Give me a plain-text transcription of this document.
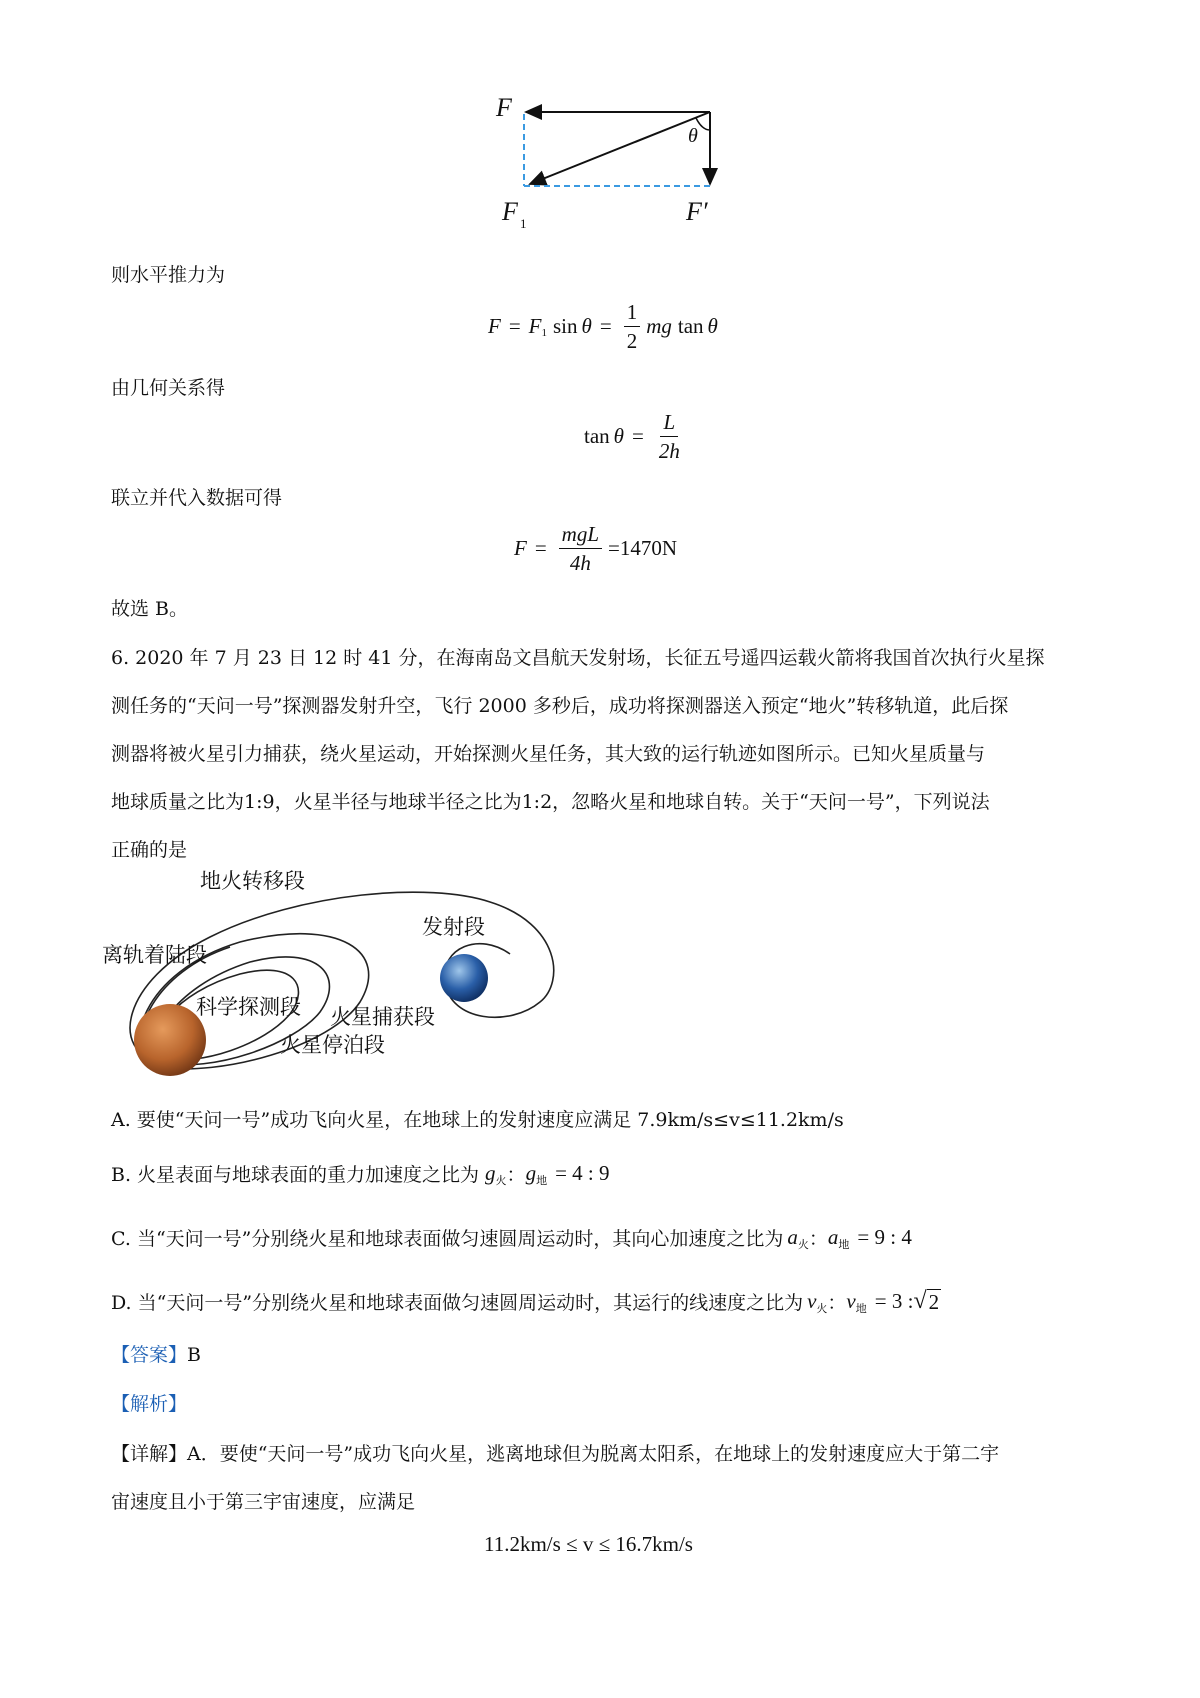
F
θ
F 1	F′
则水平推力为
F = F 1 $\sin \theta = \frac{1}{2}$ mg tan θ
由几何关系得
$\tan \theta = \frac{L}{2h}$
联立并代入数据可得
$F = \frac{\text{mgL}}{4h} =1470N$
故选 B。
6. 2020 年 7 月 23 日 12 时 41 分，在海南岛文昌航天发射场，长征五号遥四运载火箭将我国首次执行火星探
测任务的“天问一号”探测器发射升空，飞行 2000 多秒后，成功将探测器送入预定“地火”转移轨道，此后探
测器将被火星引力捕获，绕火星运动，开始探测火星任务，其大致的运行轨迹如图所示。已知火星质量与
地球质量之比为1:9，火星半径与地球半径之比为1:2，忽略火星和地球自转。关于“天问一号”，下列说法
正确的是
地火转移段
发射段
离轨着陆段
科学探测段 火星捕获段
火星停泊段
A. 要使“天问一号”成功飞向火星，在地球上的发射速度应满足 7.9km/s≤v≤11.2km/s
B. 火星表面与地球表面的重力加速度之比为 g 火 ： g 地 = 4 : 9
C. 当“天问一号”分别绕火星和地球表面做匀速圆周运动时，其向心加速度之比为 a 火 ： a 地 = 9 : 4
D. 当“天问一号”分别绕火星和地球表面做匀速圆周运动时，其运行的线速度之比为 v 火 ： v 地 = 3 : √ 2
【答案】B
【解析】
【详解】A．要使“天问一号”成功飞向火星，逃离地球但为脱离太阳系，在地球上的发射速度应大于第二宇
宙速度且小于第三宇宙速度，应满足
11.2km/s ≤ v ≤ 16.7km/s
